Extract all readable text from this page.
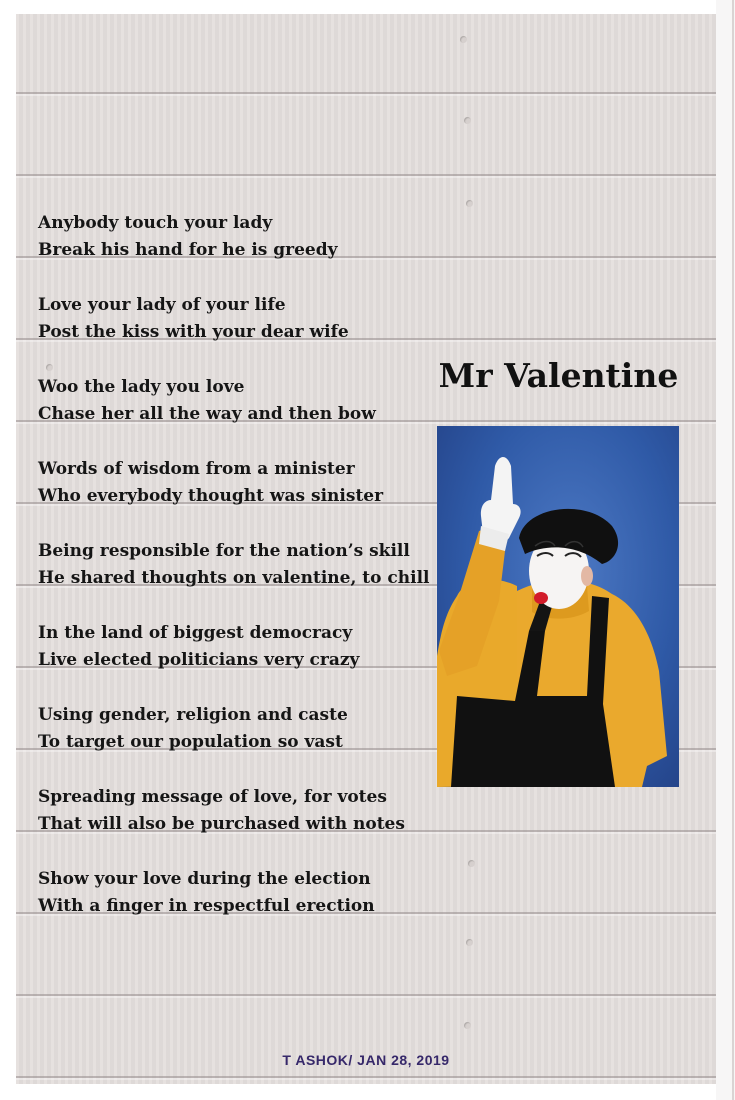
Anybody touch your lady
Break his hand for he is greedy
Love your lady of your life
Post the kiss with your dear wife
Woo the lady you love
Chase her all the way and then bow
Words of wisdom from a minister
Who everybody thought was sinister
Being responsible for the nation’s skill
He shared thoughts on valentine, to chill
In the land of biggest democracy
Live elected politicians very crazy
Using gender, religion and caste
To target our population so vast
Spreading message of love, for votes
That will also be purchased with notes
Show your love during the election
With a finger in respectful erection
Mr Valentine
T ASHOK/ JAN 28, 2019
